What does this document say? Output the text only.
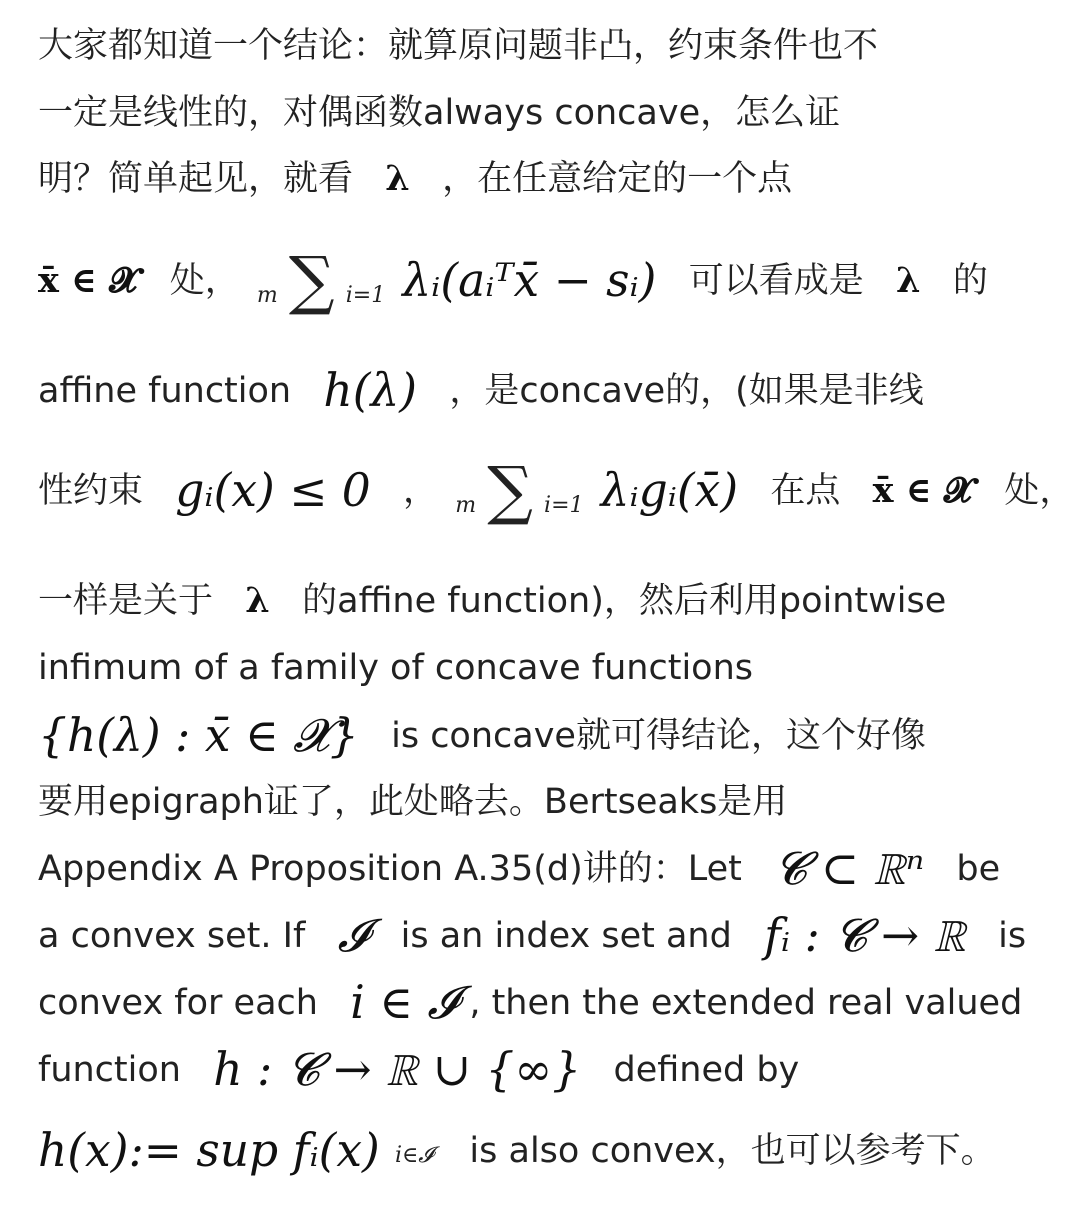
大家都知道一个结论：就算原问题非凸，约束条件也不
一定是线性的，对偶函数always concave，怎么证
明？简单起见，就看 λ ，在任意给定的一个点
x̄ ∈ 𝓧 处， m ∑ i=1 λᵢ(aᵢᵀx̄ − sᵢ) 可以看成是 λ 的
affine function h(λ) ，是concave的，(如果是非线
性约束 gᵢ(x) ≤ 0 ， m ∑ i=1 λᵢgᵢ(x̄) 在点 x̄ ∈ 𝓧 处，
一样是关于 λ 的affine function)，然后利用pointwise
infimum of a family of concave functions
{h(λ) : x̄ ∈ 𝓧} is concave就可得结论，这个好像
要用epigraph证了，此处略去。Bertseaks是用
Appendix A Proposition A.35(d)讲的：Let 𝓒 ⊂ ℝⁿ be
a convex set. If 𝓘 is an index set and fᵢ : 𝓒 → ℝ is
convex for each i ∈ 𝓘 , then the extended real valued
function h : 𝓒 → ℝ ∪ {∞} defined by
h(x):= sup fᵢ(x) i∈𝓘 is also convex，也可以参考下。
